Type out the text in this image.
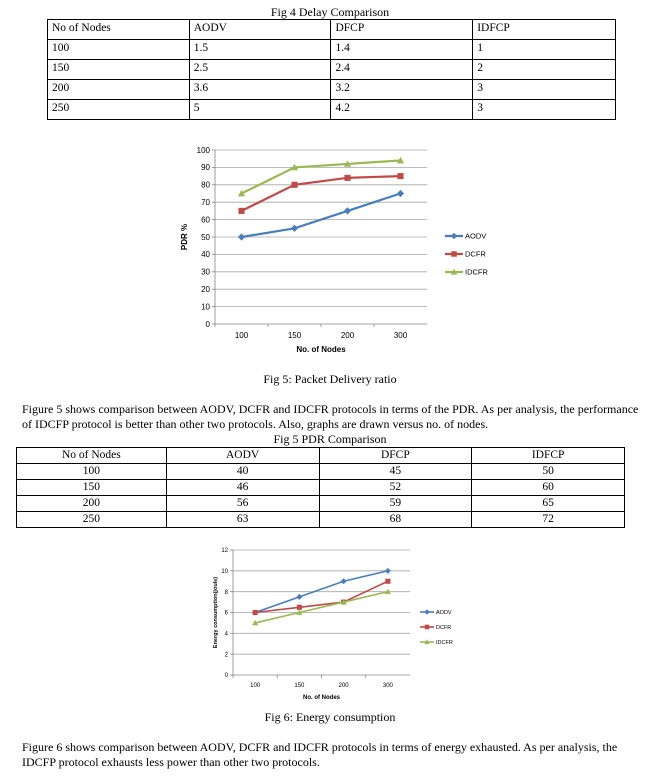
Fig 4 Delay Comparison
No of Nodes	AODV	DFCP	IDFCP
100	1.5	1.4	1
150	2.5	2.4	2
200	3.6	3.2	3
250	5	4.2	3
0
10
20
30
40
50
60
70
80
90
100
100	150	200	300
No. of Nodes
PDR %	AODV
DCFR
IDCFR
Fig 5: Packet Delivery ratio
Figure 5 shows comparison between AODV, DCFR and IDCFR protocols in terms of the PDR. As per analysis, the performance of IDCFP protocol is better than other two protocols. Also, graphs are drawn versus no. of nodes.
Fig 5 PDR Comparison
No of Nodes	AODV	DFCP	IDFCP
100	40	45	50
150	46	52	60
200	56	59	65
250	63	68	72
0
2
4
6
8
10
12
100	150	200	300
No. of Nodes
Energy consumption(joule)	AODV
DCFR
IDCFR
Fig 6: Energy consumption
Figure 6 shows comparison between AODV, DCFR and IDCFR protocols in terms of energy exhausted. As per analysis, the IDCFP protocol exhausts less power than other two protocols.
